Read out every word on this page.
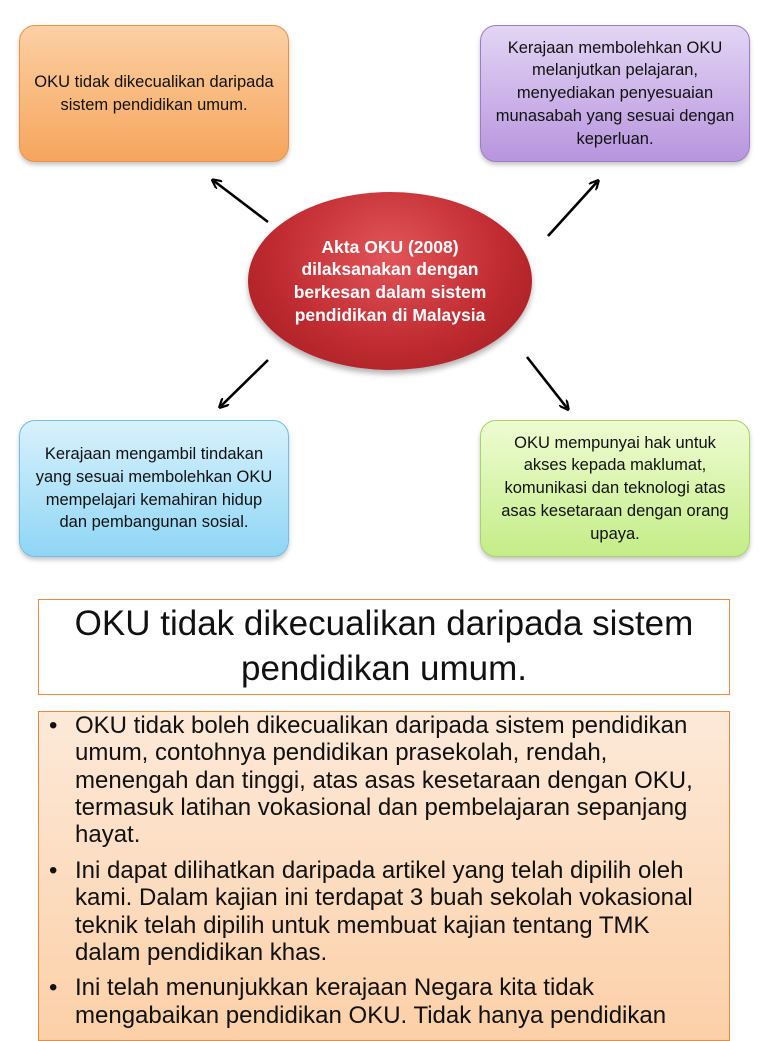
OKU tidak dikecualikan daripada sistem pendidikan umum.
Kerajaan membolehkan OKU melanjutkan pelajaran, menyediakan penyesuaian munasabah yang sesuai dengan keperluan.
Kerajaan mengambil tindakan yang sesuai membolehkan OKU mempelajari kemahiran hidup dan pembangunan sosial.
OKU mempunyai hak untuk akses kepada maklumat, komunikasi dan teknologi atas asas kesetaraan dengan orang upaya.
Akta OKU (2008) dilaksanakan dengan berkesan dalam sistem pendidikan di Malaysia
OKU tidak dikecualikan daripada sistem pendidikan umum.
• OKU tidak boleh dikecualikan daripada sistem pendidikan umum, contohnya pendidikan prasekolah, rendah, menengah dan tinggi, atas asas kesetaraan dengan OKU, termasuk latihan vokasional dan pembelajaran sepanjang hayat.
• Ini dapat dilihatkan daripada artikel yang telah dipilih oleh kami. Dalam kajian ini terdapat 3 buah sekolah vokasional teknik telah dipilih untuk membuat kajian tentang TMK dalam pendidikan khas.
• Ini telah menunjukkan kerajaan Negara kita tidak mengabaikan pendidikan OKU. Tidak hanya pendidikan
